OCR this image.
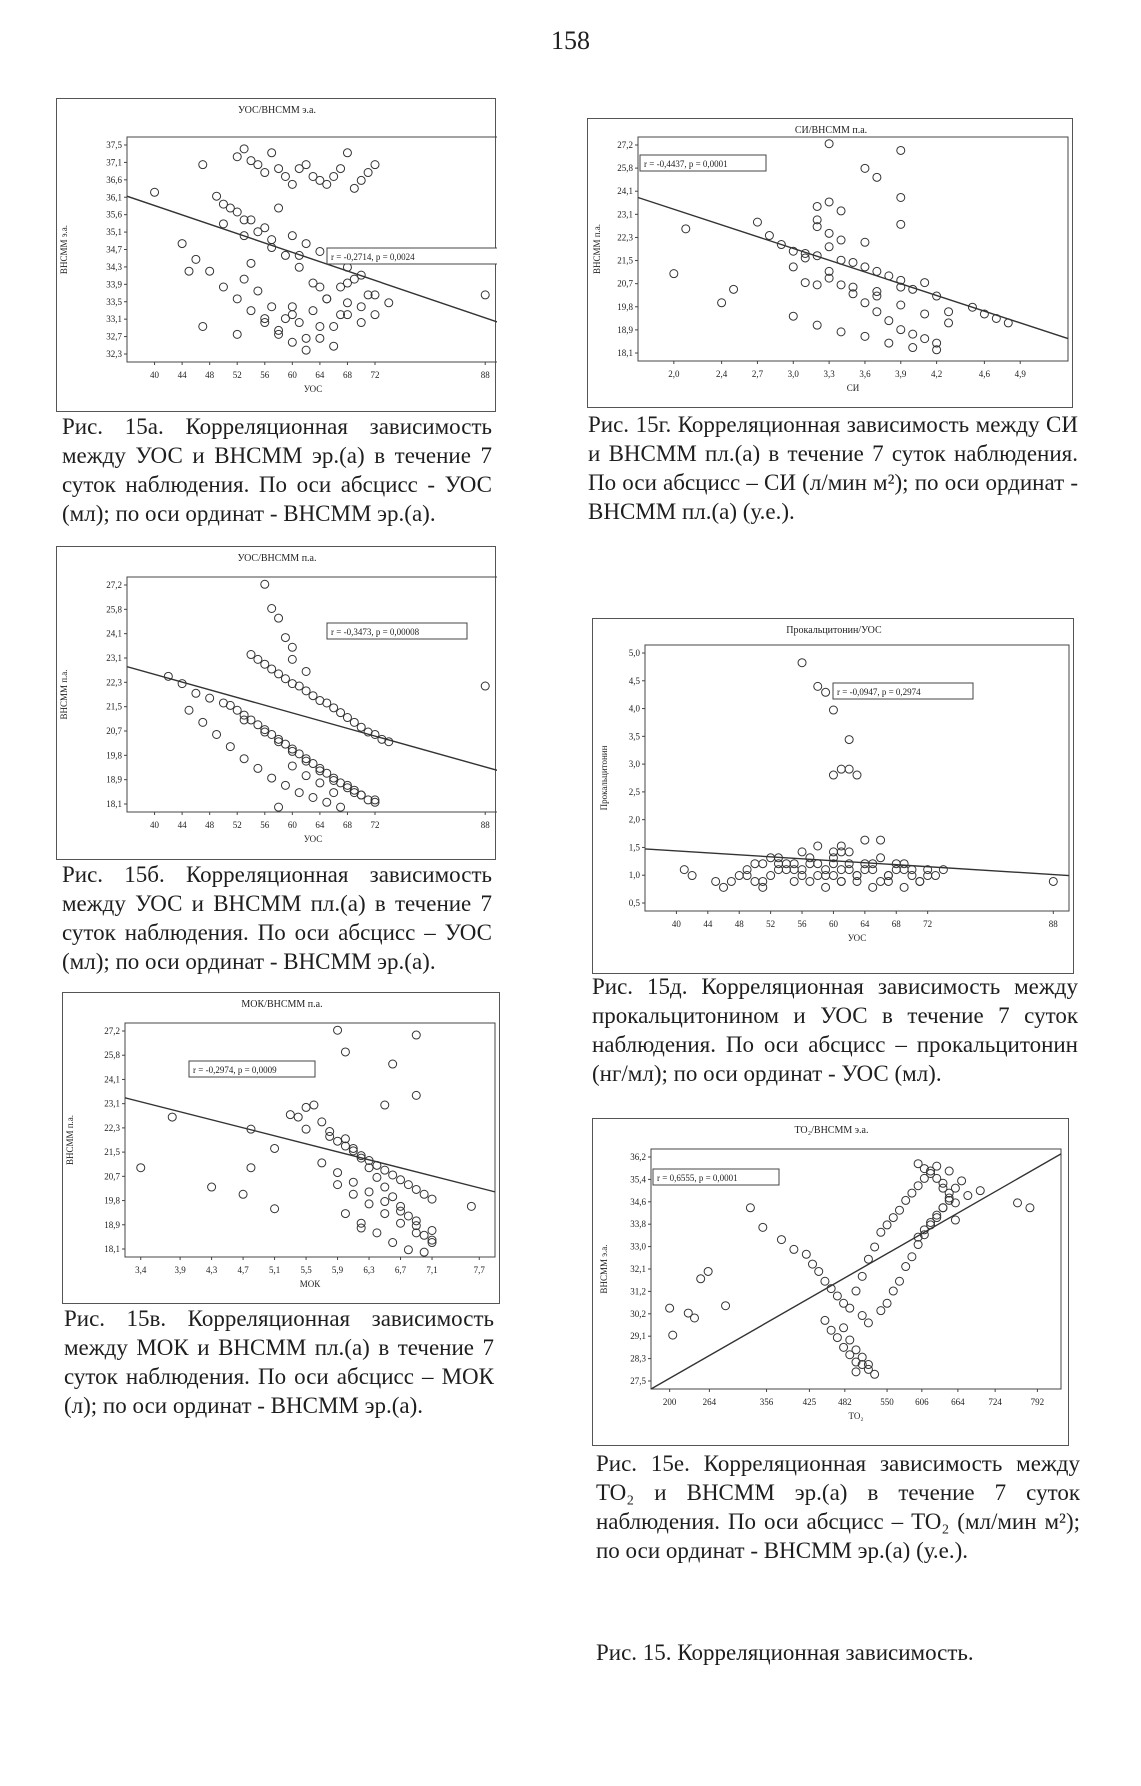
158
УОС/ВНСММ э.а.
37,5
37,1
36,6
36,1
35,6
35,1
34,7
34,3
33,9
33,5
33,1
32,7
32,3
40 44 48 52 56 60 64 68 72	88
УОС
ВНСММ э.а.	r = -0,2714, p = 0,0024
Рис. 15а. Корреляционная зависимость между УОС и ВНСММ эр.(а) в течение 7 суток наблюдения. По оси абсцисс - УОС (мл); по оси ординат - ВНСММ эр.(а).
УОС/ВНСММ п.а.
27,2
25,8
24,1
23,1
22,3
21,5
20,7
19,8
18,9
18,1
40 44 48 52 56 60 64 68 72	88
УОС
ВНСММ п.а.
r = -0,3473, p = 0,00008
Рис. 15б. Корреляционная зависимость между УОС и ВНСММ пл.(а) в течение 7 суток наблюдения. По оси абсцисс – УОС (мл); по оси ординат - ВНСММ эр.(а).
МОК/ВНСММ п.а.
27,2
25,8
24,1
23,1
22,3
21,5
20,7
19,8
18,9
18,1
3,4	3,9 4,3 4,7 5,1 5,5 5,9 6,3 6,7 7,1	7,7
МОК
ВНСММ п.а.
r = -0,2974, p = 0,0009
Рис. 15в. Корреляционная зависимость между МОК и ВНСММ пл.(а) в течение 7 суток наблюдения. По оси абсцисс – МОК (л); по оси ординат - ВНСММ эр.(а).
СИ/ВНСММ п.а.
27,2
25,8
24,1
23,1
22,3
21,5
20,7
19,8
18,9
18,1
2,0	2,4	2,7	3,0	3,3	3,6	3,9	4,2	4,6	4,9
СИ
ВНСММ п.а.
r = -0,4437, p = 0,0001
Рис. 15г. Корреляционная зависимость между СИ и ВНСММ пл.(а) в течение 7 суток наблюдения. По оси абсцисс – СИ (л/мин м²); по оси ординат - ВНСММ пл.(а) (у.е.).
Прокальцитонин/УОС
5,0
4,5
4,0
3,5
3,0
2,5
2,0
1,5
1,0
0,5
40 44 48 52 56 60 64 68 72	88
УОС
Прокальцитонин
r = -0,0947, p = 0,2974
Рис. 15д. Корреляционная зависимость между прокальцитонином и УОС в течение 7 суток наблюдения. По оси абсцисс – прокальцитонин (нг/мл); по оси ординат - УОС (мл).
TO₂/ВНСММ э.а.
36,2
35,4
34,6
33,8
33,0
32,1
31,2
30,2
29,1
28,3
27,5
200	264	356	425 482	550 606	664	724	792
TO₂
ВНСММ э.а.
r = 0,6555, p = 0,0001
Рис. 15е. Корреляционная зависимость между TO₂ и ВНСММ эр.(а) в течение 7 суток наблюдения. По оси абсцисс – TO₂ (мл/мин м²); по оси ординат - ВНСММ эр.(а) (у.е.).
Рис. 15. Корреляционная зависимость.
